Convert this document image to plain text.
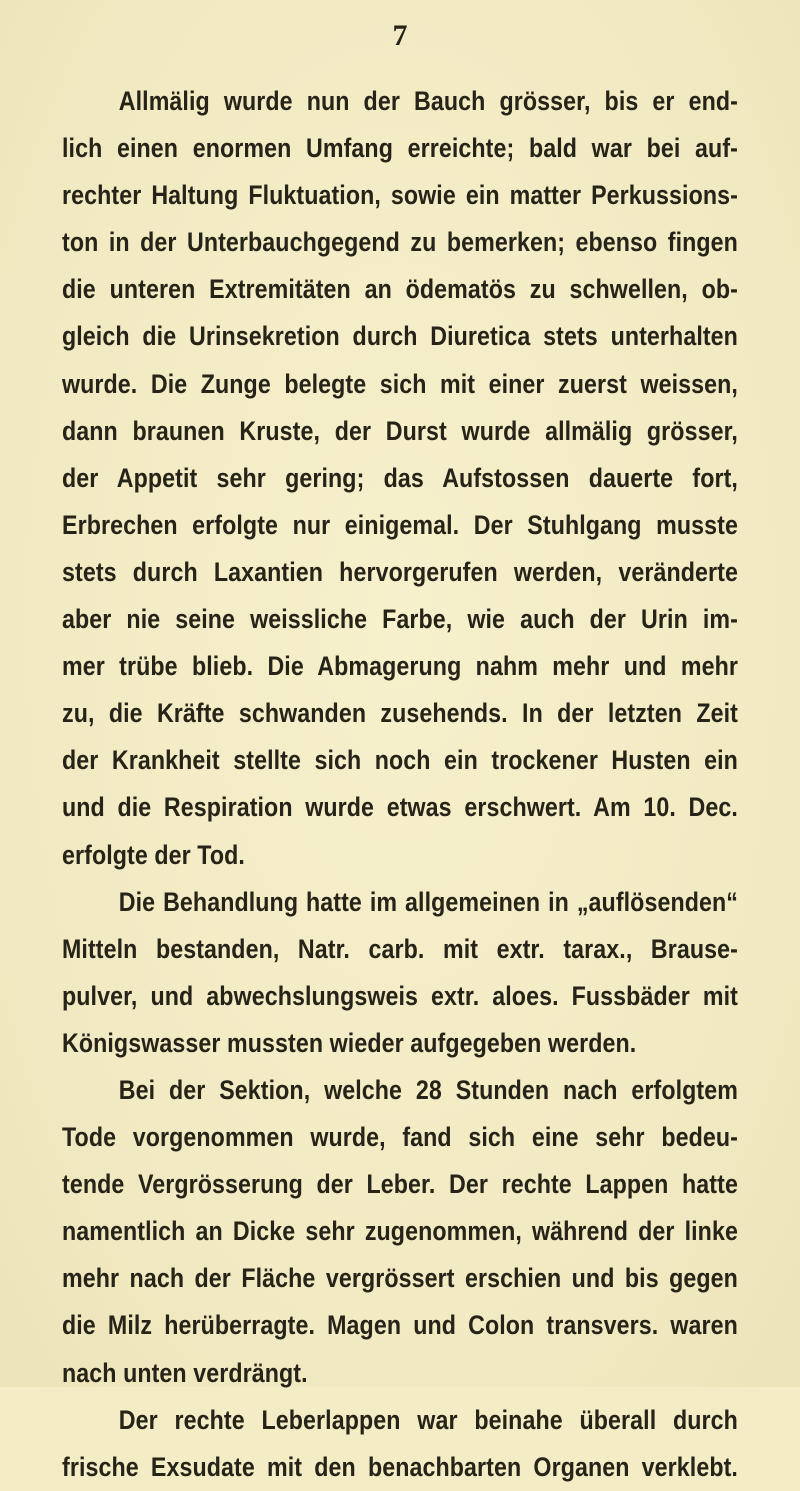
7
Allmälig wurde nun der Bauch grösser, bis er end-
lich einen enormen Umfang erreichte; bald war bei auf-
rechter Haltung Fluktuation, sowie ein matter Perkussions-
ton in der Unterbauchgegend zu bemerken; ebenso fingen
die unteren Extremitäten an ödematös zu schwellen, ob-
gleich die Urinsekretion durch Diuretica stets unterhalten
wurde. Die Zunge belegte sich mit einer zuerst weissen,
dann braunen Kruste, der Durst wurde allmälig grösser,
der Appetit sehr gering; das Aufstossen dauerte fort,
Erbrechen erfolgte nur einigemal. Der Stuhlgang musste
stets durch Laxantien hervorgerufen werden, veränderte
aber nie seine weissliche Farbe, wie auch der Urin im-
mer trübe blieb. Die Abmagerung nahm mehr und mehr
zu, die Kräfte schwanden zusehends. In der letzten Zeit
der Krankheit stellte sich noch ein trockener Husten ein
und die Respiration wurde etwas erschwert. Am 10. Dec.
erfolgte der Tod.
Die Behandlung hatte im allgemeinen in „auflösenden“
Mitteln bestanden, Natr. carb. mit extr. tarax., Brause-
pulver, und abwechslungsweis extr. aloes. Fussbäder mit
Königswasser mussten wieder aufgegeben werden.
Bei der Sektion, welche 28 Stunden nach erfolgtem
Tode vorgenommen wurde, fand sich eine sehr bedeu-
tende Vergrösserung der Leber. Der rechte Lappen hatte
namentlich an Dicke sehr zugenommen, während der linke
mehr nach der Fläche vergrössert erschien und bis gegen
die Milz herüberragte. Magen und Colon transvers. waren
nach unten verdrängt.
Der rechte Leberlappen war beinahe überall durch
frische Exsudate mit den benachbarten Organen verklebt.
